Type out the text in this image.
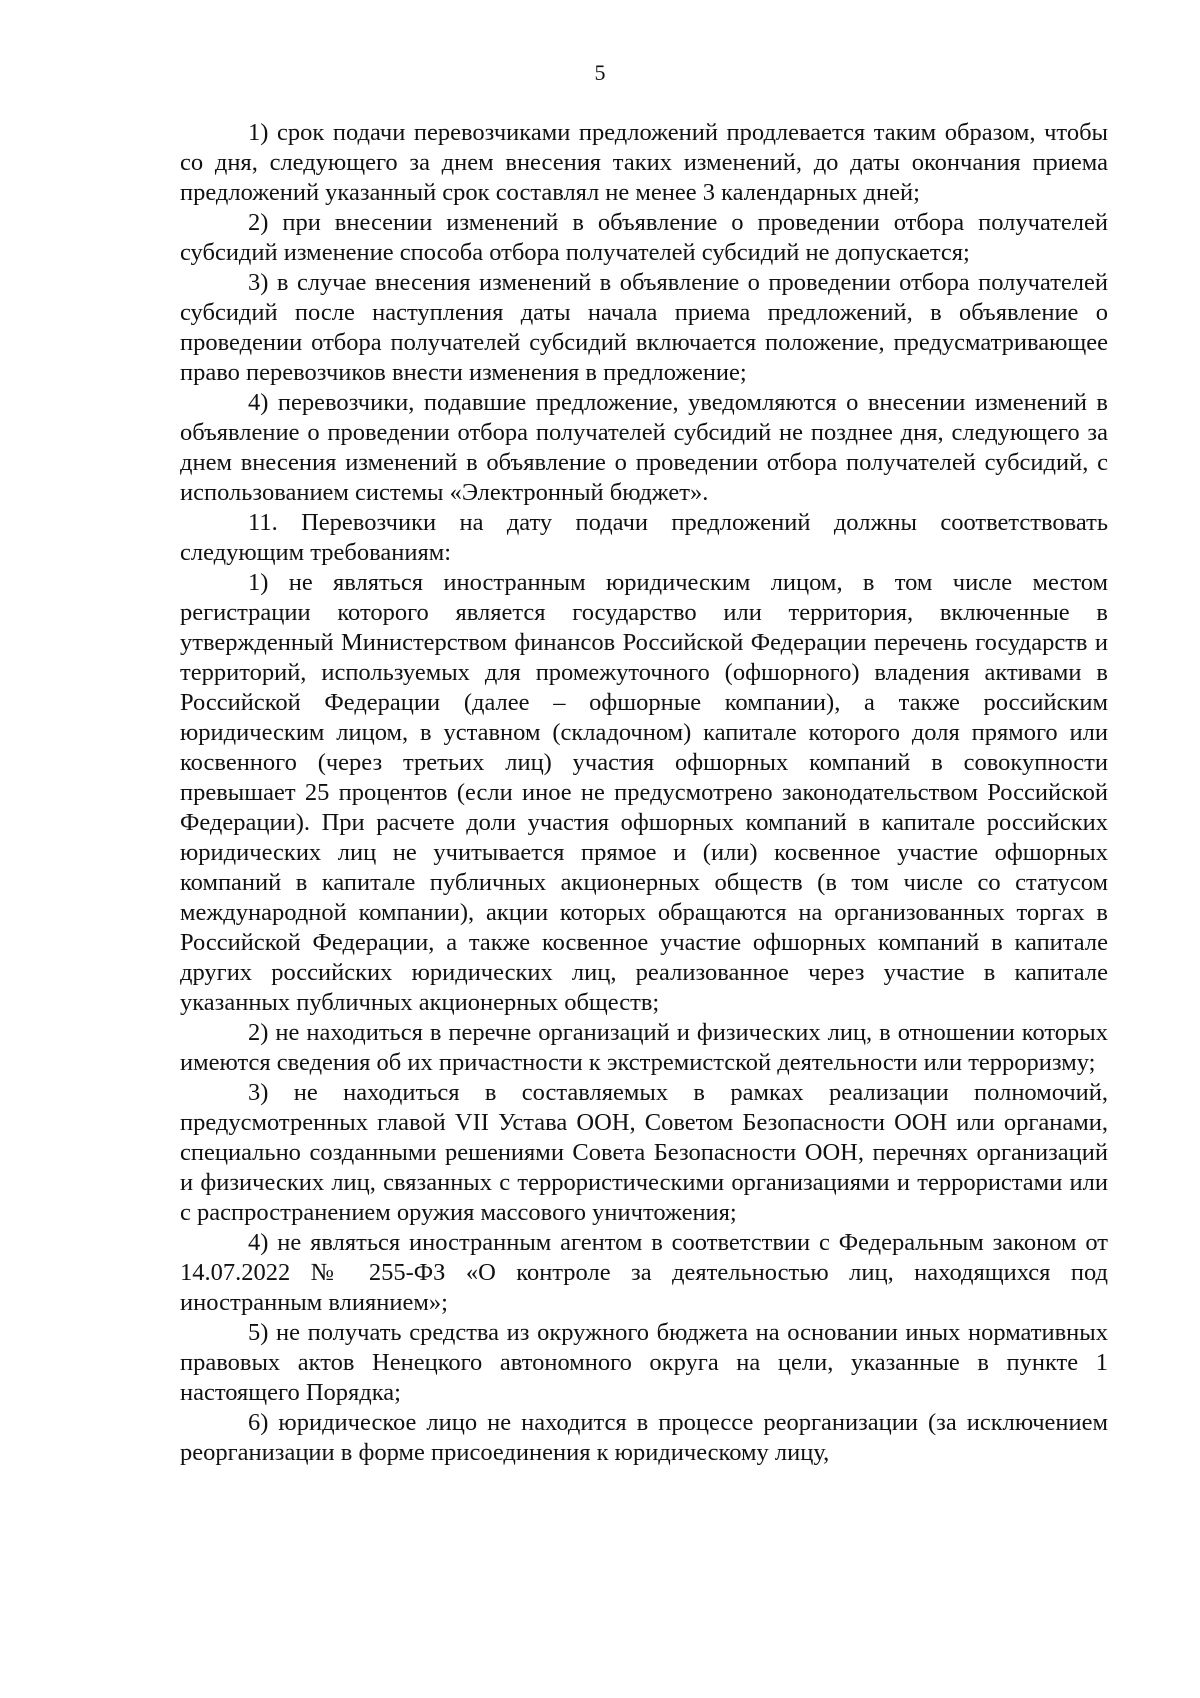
5

1) срок подачи перевозчиками предложений продлевается таким образом, чтобы со дня, следующего за днем внесения таких изменений, до даты окончания приема предложений указанный срок составлял не менее 3 календарных дней;

2) при внесении изменений в объявление о проведении отбора получателей субсидий изменение способа отбора получателей субсидий не допускается;

3) в случае внесения изменений в объявление о проведении отбора получателей субсидий после наступления даты начала приема предложений, в объявление о проведении отбора получателей субсидий включается положение, предусматривающее право перевозчиков внести изменения в предложение;

4) перевозчики, подавшие предложение, уведомляются о внесении изменений в объявление о проведении отбора получателей субсидий не позднее дня, следующего за днем внесения изменений в объявление о проведении отбора получателей субсидий, с использованием системы «Электронный бюджет».

11. Перевозчики на дату подачи предложений должны соответствовать следующим требованиям:

1) не являться иностранным юридическим лицом, в том числе местом регистрации которого является государство или территория, включенные в утвержденный Министерством финансов Российской Федерации перечень государств и территорий, используемых для промежуточного (офшорного) владения активами в Российской Федерации (далее – офшорные компании), а также российским юридическим лицом, в уставном (складочном) капитале которого доля прямого или косвенного (через третьих лиц) участия офшорных компаний в совокупности превышает 25 процентов (если иное не предусмотрено законодательством Российской Федерации). При расчете доли участия офшорных компаний в капитале российских юридических лиц не учитывается прямое и (или) косвенное участие офшорных компаний в капитале публичных акционерных обществ (в том числе со статусом международной компании), акции которых обращаются на организованных торгах в Российской Федерации, а также косвенное участие офшорных компаний в капитале других российских юридических лиц, реализованное через участие в капитале указанных публичных акционерных обществ;

2) не находиться в перечне организаций и физических лиц, в отношении которых имеются сведения об их причастности к экстремистской деятельности или терроризму;

3) не находиться в составляемых в рамках реализации полномочий, предусмотренных главой VII Устава ООН, Советом Безопасности ООН или органами, специально созданными решениями Совета Безопасности ООН, перечнях организаций и физических лиц, связанных с террористическими организациями и террористами или с распространением оружия массового уничтожения;

4) не являться иностранным агентом в соответствии с Федеральным законом от 14.07.2022 № 255-ФЗ «О контроле за деятельностью лиц, находящихся под иностранным влиянием»;

5) не получать средства из окружного бюджета на основании иных нормативных правовых актов Ненецкого автономного округа на цели, указанные в пункте 1 настоящего Порядка;

6) юридическое лицо не находится в процессе реорганизации (за исключением реорганизации в форме присоединения к юридическому лицу,
